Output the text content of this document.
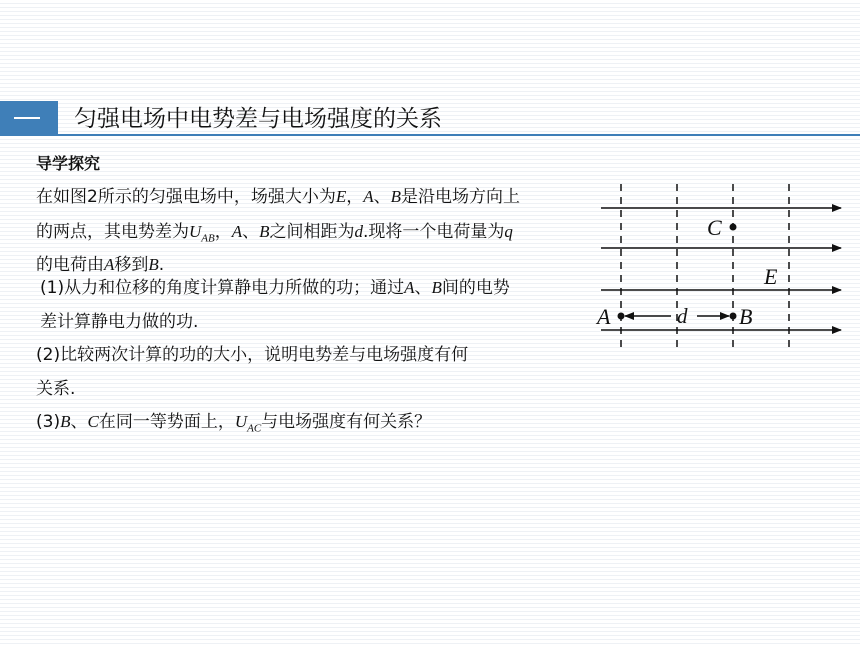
匀强电场中电势差与电场强度的关系
导学探究
在如图2所示的匀强电场中，场强大小为E，A、B是沿电场方向上
的两点，其电势差为$U_{AB}$，A、B之间相距为d.现将一个电荷量为q
的电荷由A移到B.
(1)从力和位移的角度计算静电力所做的功；通过A、B间的电势
差计算静电力做的功.
(2)比较两次计算的功的大小，说明电势差与电场强度有何
关系.
(3)B、C在同一等势面上，$U_{AC}$与电场强度有何关系？
C
E
A	B
d
